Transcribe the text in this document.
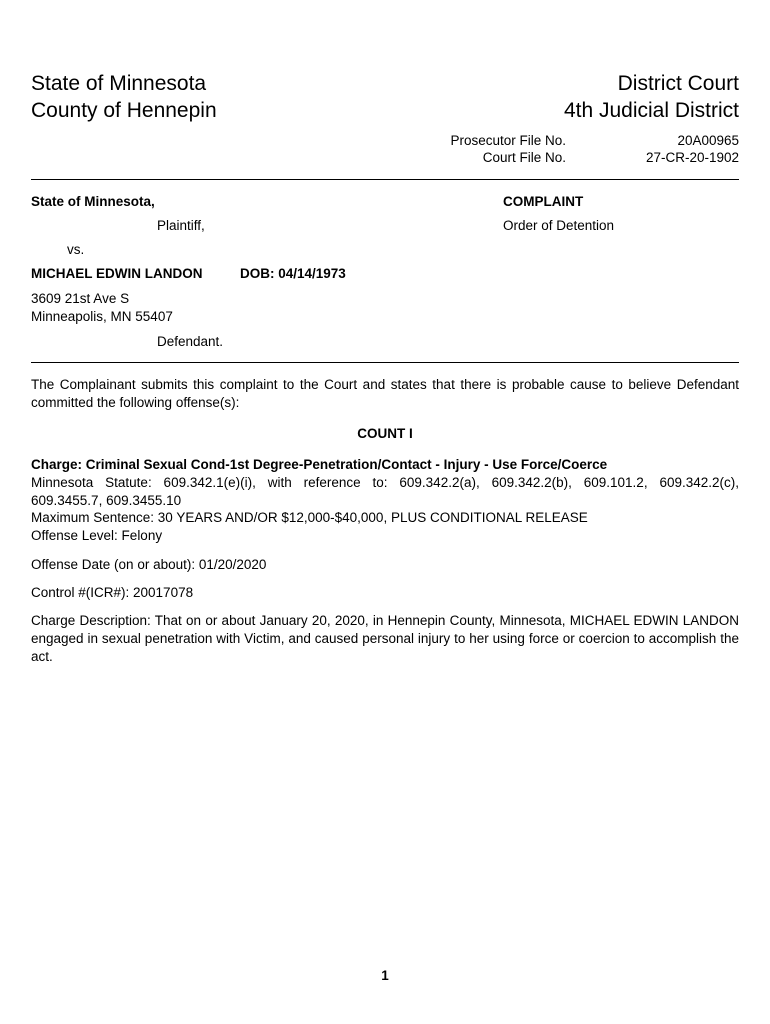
State of Minnesota
County of Hennepin
District Court
4th Judicial District
Prosecutor File No.	20A00965
Court File No.	27-CR-20-1902
State of Minnesota,
Plaintiff,
vs.
MICHAEL EDWIN LANDON	DOB: 04/14/1973
3609 21st Ave S
Minneapolis, MN 55407
Defendant.
COMPLAINT
Order of Detention
The Complainant submits this complaint to the Court and states that there is probable cause to believe Defendant committed the following offense(s):
COUNT I
Charge: Criminal Sexual Cond-1st Degree-Penetration/Contact - Injury - Use Force/Coerce
Minnesota Statute: 609.342.1(e)(i), with reference to: 609.342.2(a), 609.342.2(b), 609.101.2, 609.342.2(c), 609.3455.7, 609.3455.10
Maximum Sentence: 30 YEARS AND/OR $12,000-$40,000, PLUS CONDITIONAL RELEASE
Offense Level: Felony
Offense Date (on or about): 01/20/2020
Control #(ICR#): 20017078
Charge Description: That on or about January 20, 2020, in Hennepin County, Minnesota, MICHAEL EDWIN LANDON engaged in sexual penetration with Victim, and caused personal injury to her using force or coercion to accomplish the act.
1
